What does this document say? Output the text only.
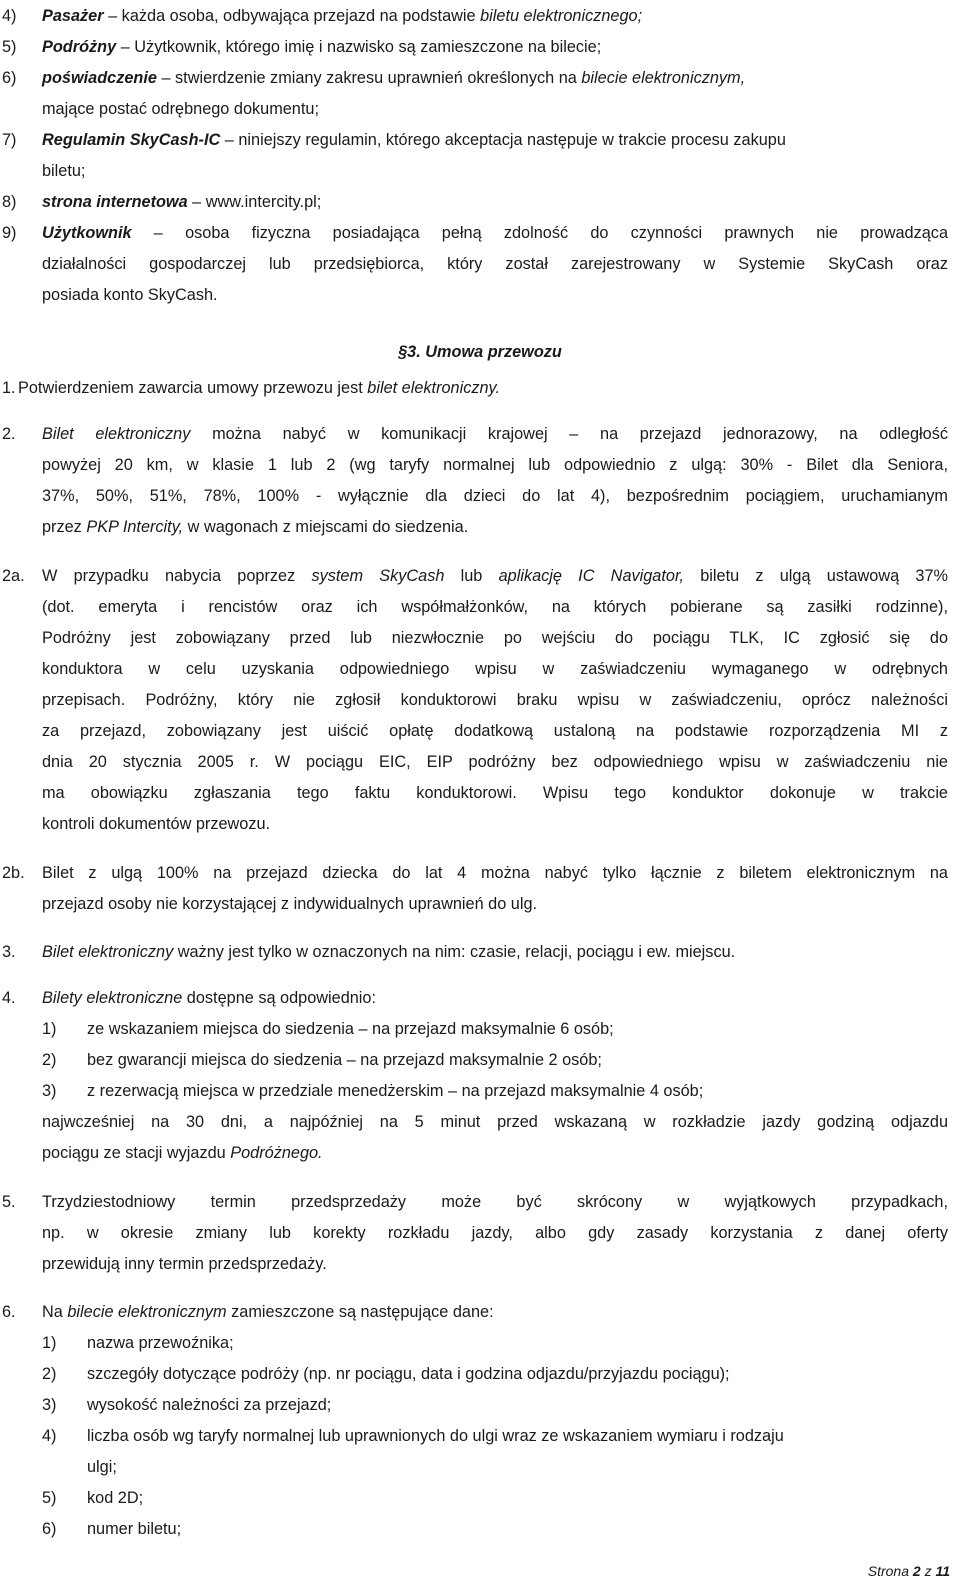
4) Pasażer – każda osoba, odbywająca przejazd na podstawie biletu elektronicznego;
5) Podróżny – Użytkownik, którego imię i nazwisko są zamieszczone na bilecie;
6) poświadczenie – stwierdzenie zmiany zakresu uprawnień określonych na bilecie elektronicznym,
mające postać odrębnego dokumentu;
7) Regulamin SkyCash-IC – niniejszy regulamin, którego akceptacja następuje w trakcie procesu zakupu
biletu;
8) strona internetowa – www.intercity.pl;
9) Użytkownik – osoba fizyczna posiadająca pełną zdolność do czynności prawnych nie prowadząca
działalności gospodarczej lub przedsiębiorca, który został zarejestrowany w Systemie SkyCash oraz
posiada konto SkyCash.
§3. Umowa przewozu
1. Potwierdzeniem zawarcia umowy przewozu jest bilet elektroniczny.
2. Bilet elektroniczny można nabyć w komunikacji krajowej – na przejazd jednorazowy, na odległość
powyżej 20 km, w klasie 1 lub 2 (wg taryfy normalnej lub odpowiednio z ulgą: 30% - Bilet dla Seniora,
37%, 50%, 51%, 78%, 100% - wyłącznie dla dzieci do lat 4), bezpośrednim pociągiem, uruchamianym
przez PKP Intercity, w wagonach z miejscami do siedzenia.
2a. W przypadku nabycia poprzez system SkyCash lub aplikację IC Navigator, biletu z ulgą ustawową 37%
(dot. emeryta i rencistów oraz ich współmałżonków, na których pobierane są zasiłki rodzinne),
Podróżny jest zobowiązany przed lub niezwłocznie po wejściu do pociągu TLK, IC zgłosić się do
konduktora w celu uzyskania odpowiedniego wpisu w zaświadczeniu wymaganego w odrębnych
przepisach. Podróżny, który nie zgłosił konduktorowi braku wpisu w zaświadczeniu, oprócz należności
za przejazd, zobowiązany jest uiścić opłatę dodatkową ustaloną na podstawie rozporządzenia MI z
dnia 20 stycznia 2005 r. W pociągu EIC, EIP podróżny bez odpowiedniego wpisu w zaświadczeniu nie
ma obowiązku zgłaszania tego faktu konduktorowi. Wpisu tego konduktor dokonuje w trakcie
kontroli dokumentów przewozu.
2b. Bilet z ulgą 100% na przejazd dziecka do lat 4 można nabyć tylko łącznie z biletem elektronicznym na
przejazd osoby nie korzystającej z indywidualnych uprawnień do ulg.
3. Bilet elektroniczny ważny jest tylko w oznaczonych na nim: czasie, relacji, pociągu i ew. miejscu.
4. Bilety elektroniczne dostępne są odpowiednio:
1) ze wskazaniem miejsca do siedzenia – na przejazd maksymalnie 6 osób;
2) bez gwarancji miejsca do siedzenia – na przejazd maksymalnie 2 osób;
3) z rezerwacją miejsca w przedziale menedżerskim – na przejazd maksymalnie 4 osób;
najwcześniej na 30 dni, a najpóźniej na 5 minut przed wskazaną w rozkładzie jazdy godziną odjazdu
pociągu ze stacji wyjazdu Podróżnego.
5. Trzydziestodniowy termin przedsprzedaży może być skrócony w wyjątkowych przypadkach,
np. w okresie zmiany lub korekty rozkładu jazdy, albo gdy zasady korzystania z danej oferty
przewidują inny termin przedsprzedaży.
6. Na bilecie elektronicznym zamieszczone są następujące dane:
1) nazwa przewoźnika;
2) szczegóły dotyczące podróży (np. nr pociągu, data i godzina odjazdu/przyjazdu pociągu);
3) wysokość należności za przejazd;
4) liczba osób wg taryfy normalnej lub uprawnionych do ulgi wraz ze wskazaniem wymiaru i rodzaju
ulgi;
5) kod 2D;
6) numer biletu;
Strona 2 z 11
